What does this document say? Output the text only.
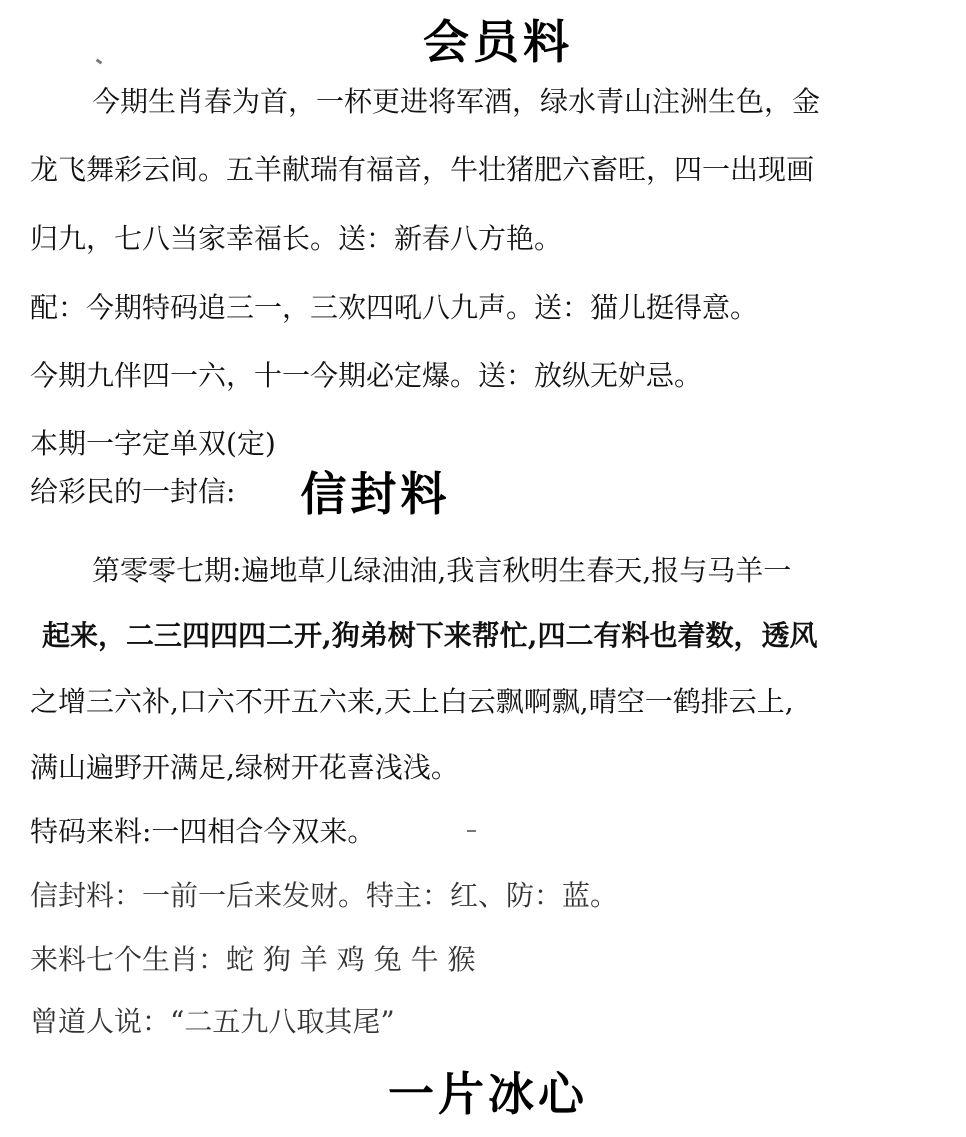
会员料
今期生肖春为首，一杯更进将军酒，绿水青山注洲生色，金
龙飞舞彩云间。五羊献瑞有福音，牛壮猪肥六畜旺，四一出现画
归九，七八当家幸福长。送：新春八方艳。
配：今期特码追三一，三欢四吼八九声。送：猫儿挺得意。
今期九伴四一六，十一今期必定爆。送：放纵无妒忌。
本期一字定单双(定)
给彩民的一封信: 信封料
第零零七期:遍地草儿绿油油,我言秋明生春天,报与马羊一
起来，二三四四四二开,狗弟树下来帮忙,四二有料也着数，透风
之增三六补,口六不开五六来,天上白云飘啊飘,晴空一鹤排云上,
满山遍野开满足,绿树开花喜浅浅。
特码来料:一四相合今双来。
信封料：一前一后来发财。特主：红、防：蓝。
来料七个生肖：蛇 狗 羊 鸡 兔 牛 猴
曾道人说：“二五九八取其尾”
一片冰心
